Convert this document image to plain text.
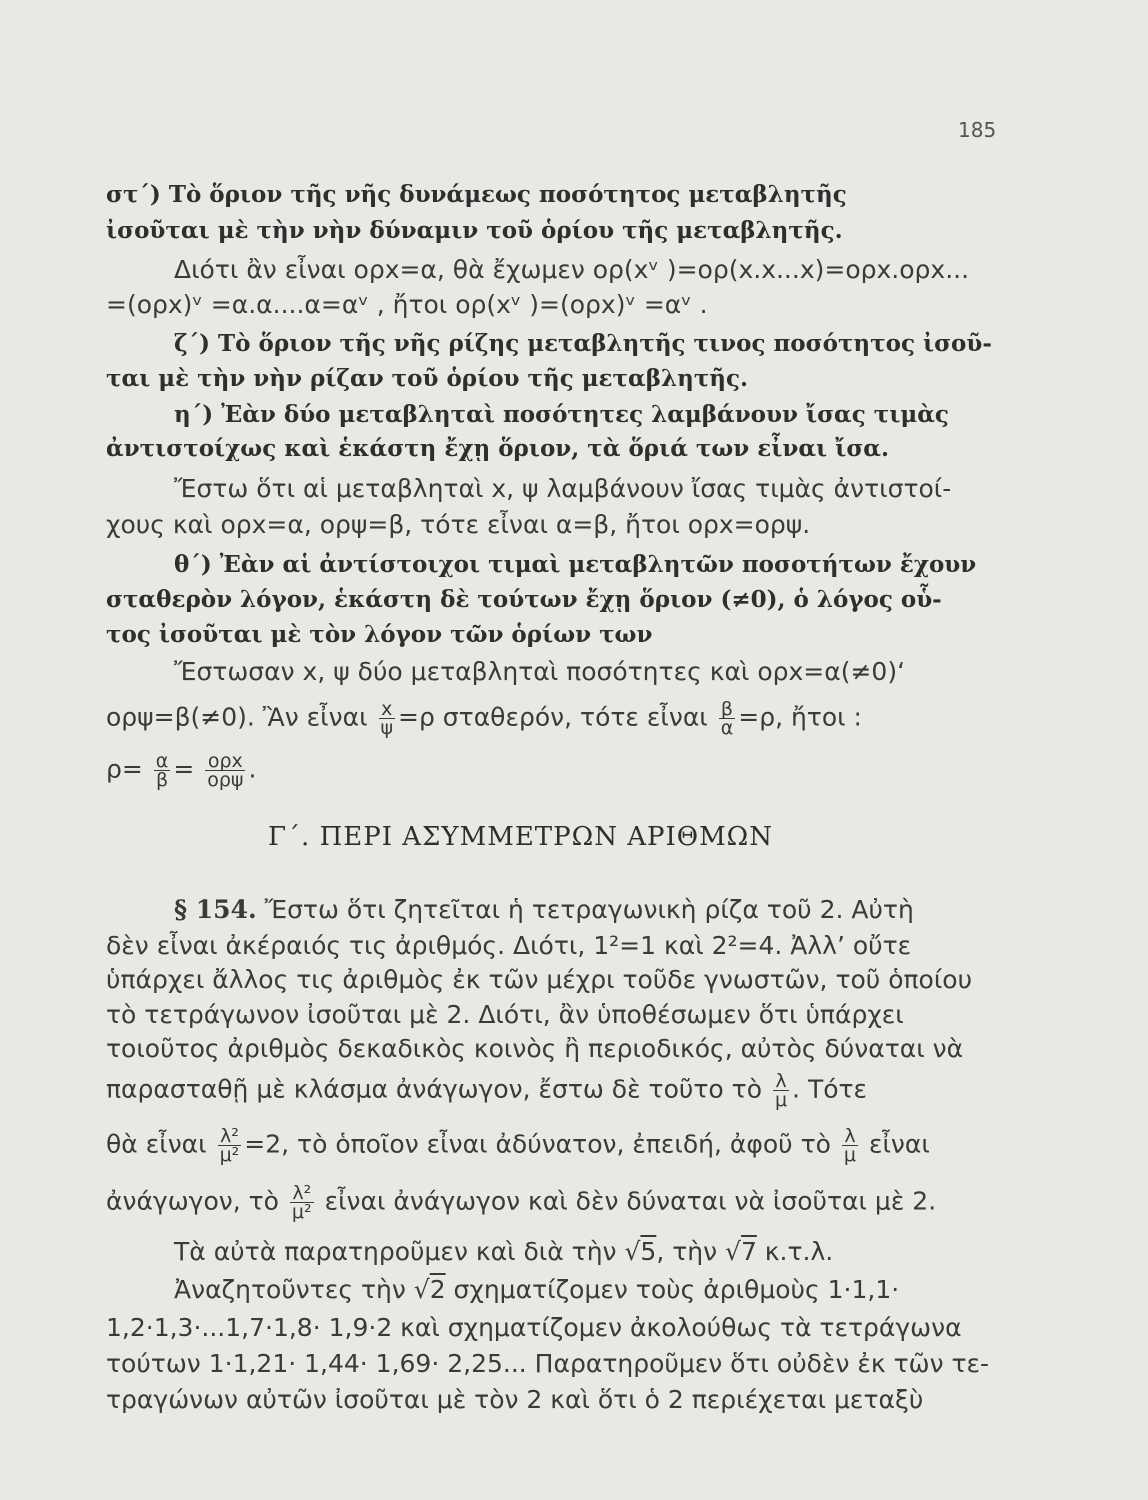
185
στ΄) Τὸ ὅριον τῆς νῆς δυνάμεως ποσότητος μεταβλητῆς
ἰσοῦται μὲ τὴν νὴν δύναμιν τοῦ ὁρίου τῆς μεταβλητῆς.
Διότι ἂν εἶναι ορx=α, θὰ ἔχωμεν ορ(xᵛ )=ορ(x.x...x)=ορx.ορx...
=(ορx)ᵛ =α.α....α=αᵛ , ἤτοι ορ(xᵛ )=(ορx)ᵛ =αᵛ .
ζ΄) Τὸ ὅριον τῆς νῆς ρίζης μεταβλητῆς τινος ποσότητος ἰσοῦ-
ται μὲ τὴν νὴν ρίζαν τοῦ ὁρίου τῆς μεταβλητῆς.
η΄) Ἐὰν δύο μεταβληταὶ ποσότητες λαμβάνουν ἴσας τιμὰς
ἀντιστοίχως καὶ ἑκάστη ἔχῃ ὅριον, τὰ ὅριά των εἶναι ἴσα.
Ἔστω ὅτι αἱ μεταβληταὶ x, ψ λαμβάνουν ἴσας τιμὰς ἀντιστοί-
χους καὶ ορx=α, ορψ=β, τότε εἶναι α=β, ἤτοι ορx=ορψ.
θ΄) Ἐὰν αἱ ἀντίστοιχοι τιμαὶ μεταβλητῶν ποσοτήτων ἔχουν
σταθερὸν λόγον, ἑκάστη δὲ τούτων ἔχῃ ὅριον (≠0), ὁ λόγος οὗ-
τος ἰσοῦται μὲ τὸν λόγον τῶν ὁρίων των
Ἔστωσαν x, ψ δύο μεταβληταὶ ποσότητες καὶ ορx=α(≠0)‘
ορψ=β(≠0). Ἂν εἶναι $\frac{x}{\psi} =\rho$ σταθερόν, τότε εἶναι $\frac{\beta}{\alpha} =\rho$, ἤτοι :
$\rho= \frac{\alpha}{\beta} = \frac{\text{ορx}}{\text{ορψ}}$ .
Γ΄. ΠΕΡΙ ΑΣΥΜΜΕΤΡΩΝ ΑΡΙΘΜΩΝ
§ 154. Ἔστω ὅτι ζητεῖται ἡ τετραγωνικὴ ρίζα τοῦ 2. Αὐτὴ
δὲν εἶναι ἀκέραιός τις ἀριθμός. Διότι, 1²=1 καὶ 2²=4. Ἀλλ’ οὔτε
ὑπάρχει ἄλλος τις ἀριθμὸς ἐκ τῶν μέχρι τοῦδε γνωστῶν, τοῦ ὁποίου
τὸ τετράγωνον ἰσοῦται μὲ 2. Διότι, ἂν ὑποθέσωμεν ὅτι ὑπάρχει
τοιοῦτος ἀριθμὸς δεκαδικὸς κοινὸς ἢ περιοδικός, αὐτὸς δύναται νὰ
παρασταθῇ μὲ κλάσμα ἀνάγωγον, ἔστω δὲ τοῦτο τὸ $\frac{\lambda}{\mu}$ . Τότε
θὰ εἶναι $\frac{\text{λ²}}{\text{μ²}} =2$, τὸ ὁποῖον εἶναι ἀδύνατον, ἐπειδή, ἀφοῦ τὸ $\frac{\lambda}{\mu}$ εἶναι
ἀνάγωγον, τὸ $\frac{\text{λ²}}{\text{μ²}}$ εἶναι ἀνάγωγον καὶ δὲν δύναται νὰ ἰσοῦται μὲ 2.
Τὰ αὐτὰ παρατηροῦμεν καὶ διὰ τὴν √5, τὴν √7 κ.τ.λ.
Ἀναζητοῦντες τὴν √2 σχηματίζομεν τοὺς ἀριθμοὺς 1·1,1·
1,2·1,3·...1,7·1,8· 1,9·2 καὶ σχηματίζομεν ἀκολούθως τὰ τετράγωνα
τούτων 1·1,21· 1,44· 1,69· 2,25... Παρατηροῦμεν ὅτι οὐδὲν ἐκ τῶν τε-
τραγώνων αὐτῶν ἰσοῦται μὲ τὸν 2 καὶ ὅτι ὁ 2 περιέχεται μεταξὺ
